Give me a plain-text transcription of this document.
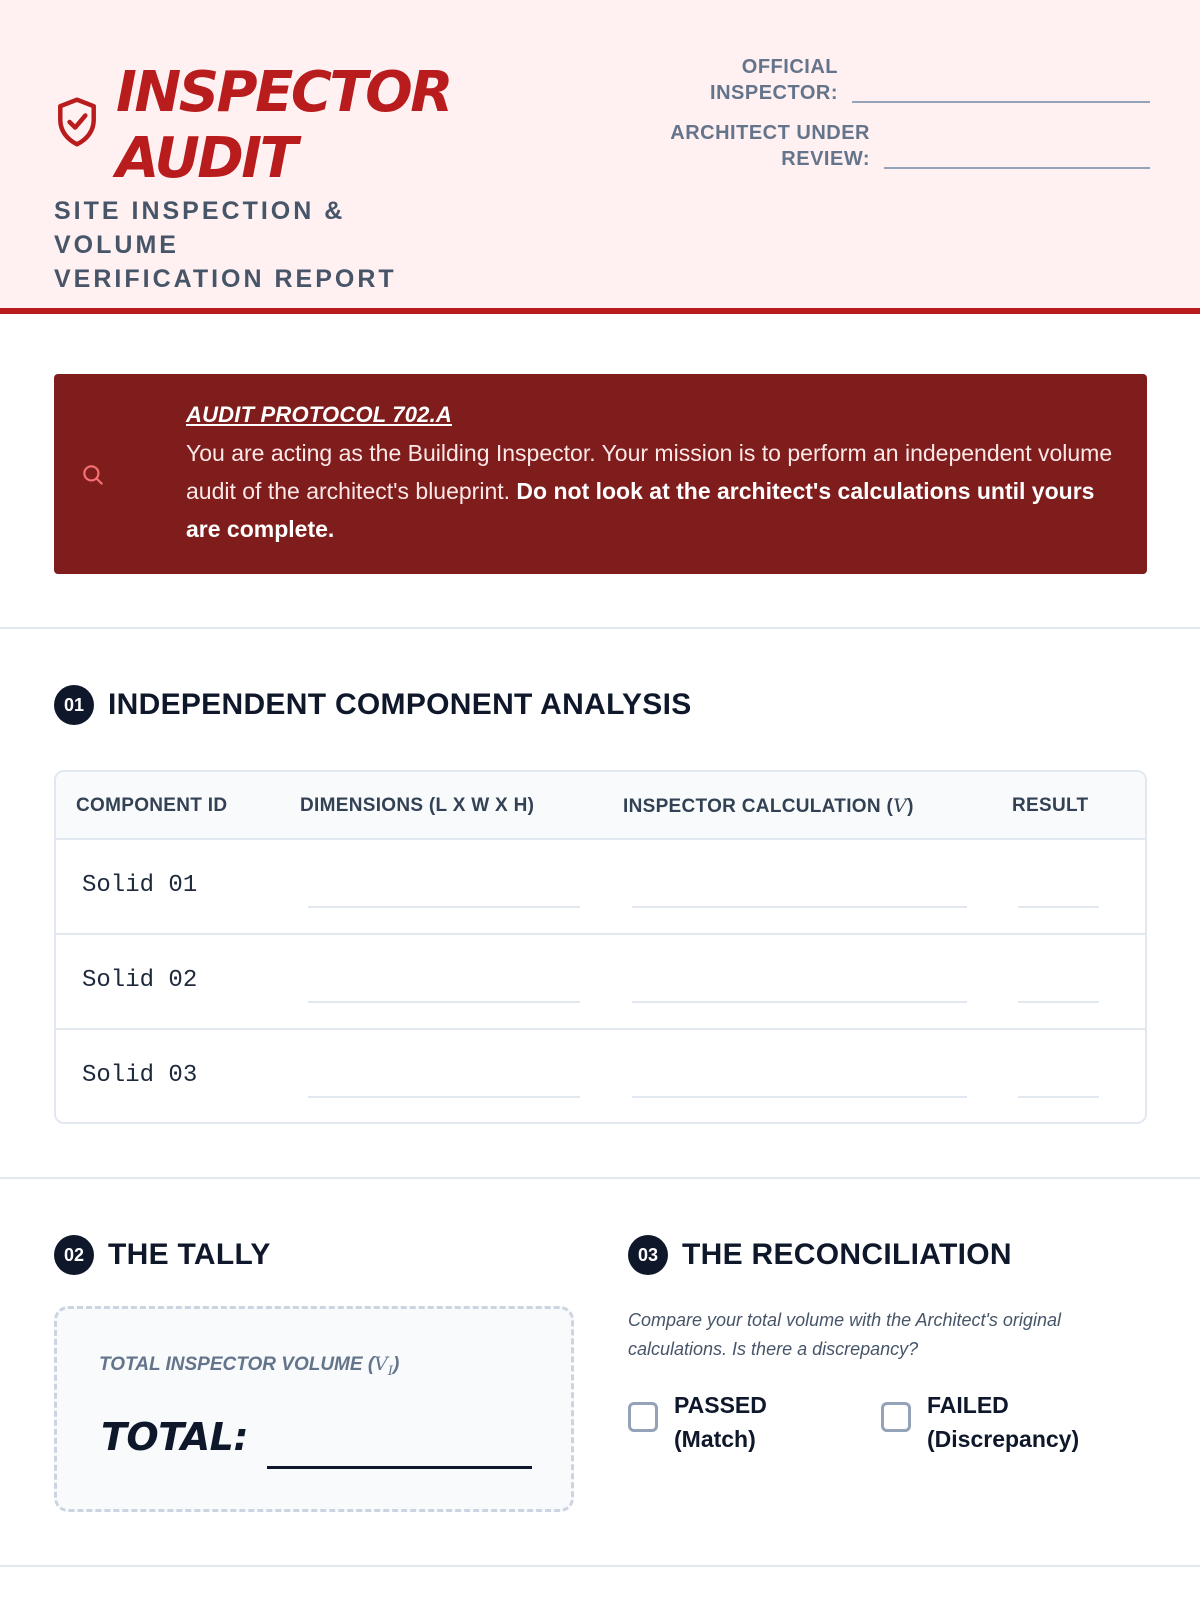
INSPECTOR
AUDIT
SITE INSPECTION & VOLUME
VERIFICATION REPORT
OFFICIAL
INSPECTOR:
ARCHITECT UNDER
REVIEW:
AUDIT PROTOCOL 702.A
You are acting as the Building Inspector. Your mission is to perform an independent volume audit of the architect's blueprint. Do not look at the architect's calculations until yours are complete.
01 INDEPENDENT COMPONENT ANALYSIS
COMPONENT ID	DIMENSIONS (L X W X H)	INSPECTOR CALCULATION (V)	RESULT
Solid 01
Solid 02
Solid 03
02 THE TALLY
TOTAL INSPECTOR VOLUME $(V_I)$
TOTAL:
03 THE RECONCILIATION
Compare your total volume with the Architect's original calculations. Is there a discrepancy?
PASSED
(Match)
FAILED
(Discrepancy)
